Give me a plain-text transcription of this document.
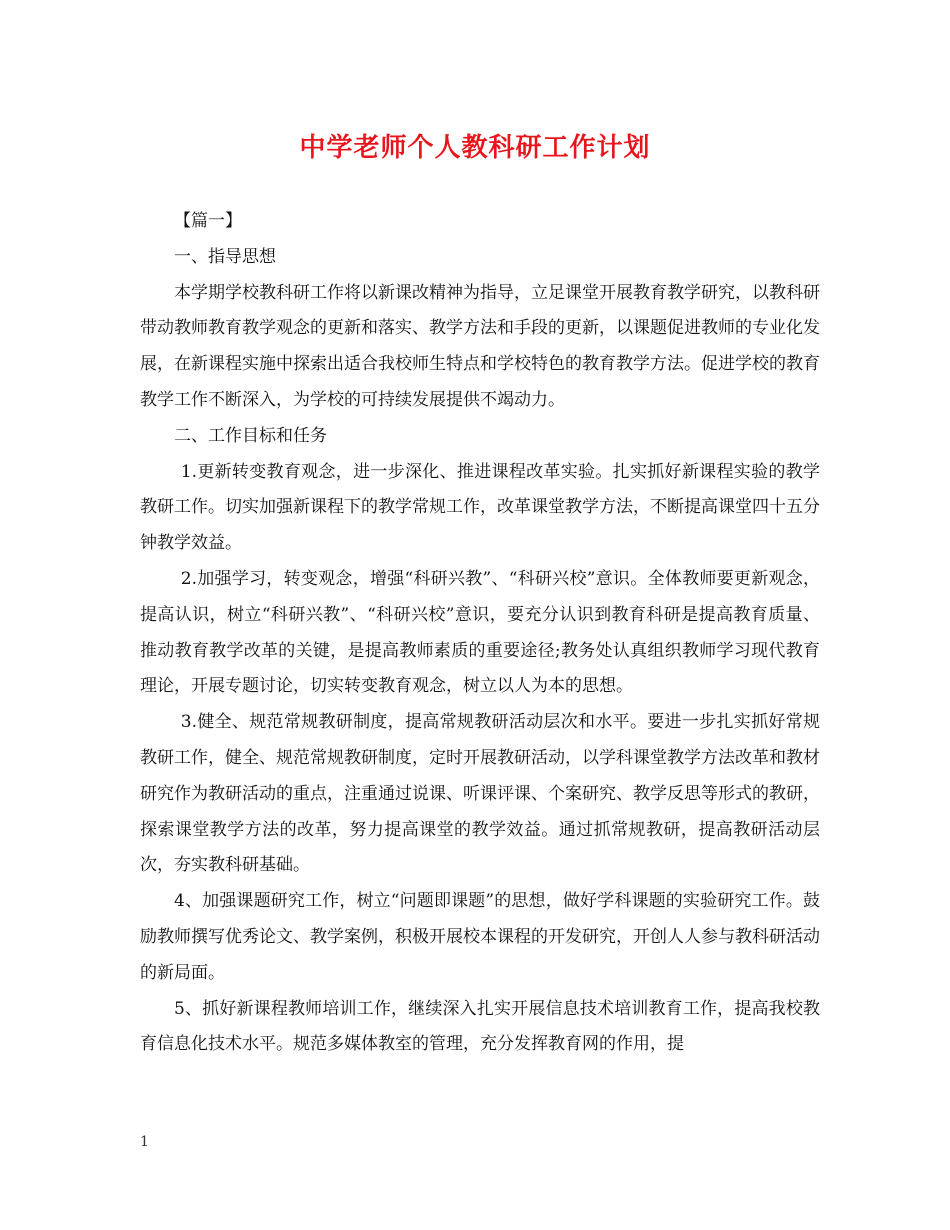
中学老师个人教科研工作计划

【篇一】

一、指导思想

本学期学校教科研工作将以新课改精神为指导，立足课堂开展教育教学研究，以教科研带动教师教育教学观念的更新和落实、教学方法和手段的更新，以课题促进教师的专业化发展，在新课程实施中探索出适合我校师生特点和学校特色的教育教学方法。促进学校的教育教学工作不断深入，为学校的可持续发展提供不竭动力。

二、工作目标和任务

1.更新转变教育观念，进一步深化、推进课程改革实验。扎实抓好新课程实验的教学教研工作。切实加强新课程下的教学常规工作，改革课堂教学方法，不断提高课堂四十五分钟教学效益。

2.加强学习，转变观念，增强“科研兴教”、“科研兴校”意识。全体教师要更新观念，提高认识，树立“科研兴教”、“科研兴校”意识，要充分认识到教育科研是提高教育质量、推动教育教学改革的关键，是提高教师素质的重要途径;教务处认真组织教师学习现代教育理论，开展专题讨论，切实转变教育观念，树立以人为本的思想。

3.健全、规范常规教研制度，提高常规教研活动层次和水平。要进一步扎实抓好常规教研工作，健全、规范常规教研制度，定时开展教研活动，以学科课堂教学方法改革和教材研究作为教研活动的重点，注重通过说课、听课评课、个案研究、教学反思等形式的教研，探索课堂教学方法的改革，努力提高课堂的教学效益。通过抓常规教研，提高教研活动层次，夯实教科研基础。

4、加强课题研究工作，树立“问题即课题”的思想，做好学科课题的实验研究工作。鼓励教师撰写优秀论文、教学案例，积极开展校本课程的开发研究，开创人人参与教科研活动的新局面。

5、抓好新课程教师培训工作，继续深入扎实开展信息技术培训教育工作，提高我校教育信息化技术水平。规范多媒体教室的管理，充分发挥教育网的作用，提

1
